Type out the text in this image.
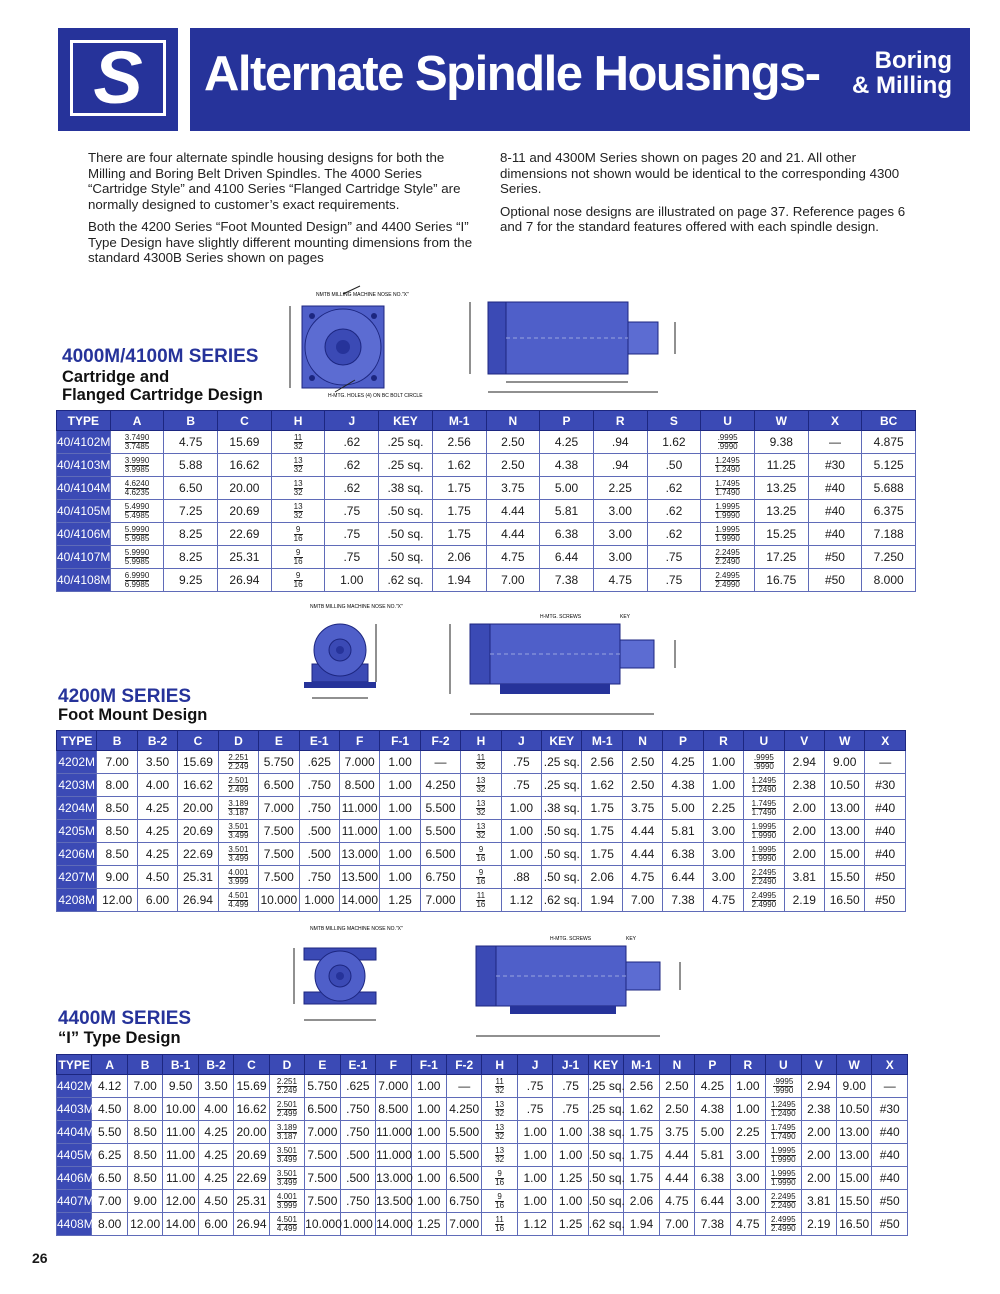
S	Alternate Spindle Housings-	Boring
& Milling

There are four alternate spindle housing designs for both the Milling and Boring Belt Driven Spindles. The 4000 Series “Cartridge Style” and 4100 Series “Flanged Cartridge Style” are normally designed to customer’s exact requirements.

Both the 4200 Series “Foot Mounted Design” and 4400 Series “I” Type Design have slightly different mounting dimensions from the standard 4300B Series shown on pages

8-11 and 4300M Series shown on pages 20 and 21. All other dimensions not shown would be identical to the corresponding 4300 Series.

Optional nose designs are illustrated on page 37. Reference pages 6 and 7 for the standard features offered with each spindle design.

4000M/4100M SERIES
Cartridge and
Flanged Cartridge Design
NMTB MILLING MACHINE NOSE NO."X"
H-MTG. HOLES (4) ON BC BOLT CIRCLE
TYPE	A	B	C	H	J	KEY	M-1	N	P	R	S	U	W	X	BC
40/4102M	$\frac{3.7490}{3.7485}$	4.75	15.69	$\frac{11}{32}$	.62	.25 sq.	2.56	2.50	4.25	.94	1.62	$\frac{.9995}{.9990}$	9.38	—	4.875
40/4103M	$\frac{3.9990}{3.9985}$	5.88	16.62	$\frac{13}{32}$	.62	.25 sq.	1.62	2.50	4.38	.94	.50	$\frac{1.2495}{1.2490}$	11.25	#30	5.125
40/4104M	$\frac{4.6240}{4.6235}$	6.50	20.00	$\frac{13}{32}$	.62	.38 sq.	1.75	3.75	5.00	2.25	.62	$\frac{1.7495}{1.7490}$	13.25	#40	5.688
40/4105M	$\frac{5.4990}{5.4985}$	7.25	20.69	$\frac{13}{32}$	.75	.50 sq.	1.75	4.44	5.81	3.00	.62	$\frac{1.9995}{1.9990}$	13.25	#40	6.375
40/4106M	$\frac{5.9990}{5.9985}$	8.25	22.69	$\frac{9}{16}$	.75	.50 sq.	1.75	4.44	6.38	3.00	.62	$\frac{1.9995}{1.9990}$	15.25	#40	7.188
40/4107M	$\frac{5.9990}{5.9985}$	8.25	25.31	$\frac{9}{16}$	.75	.50 sq.	2.06	4.75	6.44	3.00	.75	$\frac{2.2495}{2.2490}$	17.25	#50	7.250
40/4108M	$\frac{6.9990}{6.9985}$	9.25	26.94	$\frac{9}{16}$	1.00	.62 sq.	1.94	7.00	7.38	4.75	.75	$\frac{2.4995}{2.4990}$	16.75	#50	8.000
4200M SERIES
Foot Mount Design
NMTB MILLING MACHINE NOSE NO."X"
H-MTG. SCREWS	KEY
TYPE	B	B-2	C	D	E	E-1	F	F-1	F-2	H	J	KEY	M-1	N	P	R	U	V	W	X
4202M	7.00	3.50	15.69	$\frac{2.251}{2.249}$	5.750	.625	7.000	1.00	—	$\frac{11}{32}$	.75	.25 sq.	2.56	2.50	4.25	1.00	$\frac{.9995}{.9990}$	2.94	9.00	—
4203M	8.00	4.00	16.62	$\frac{2.501}{2.499}$	6.500	.750	8.500	1.00	4.250	$\frac{13}{32}$	.75	.25 sq.	1.62	2.50	4.38	1.00	$\frac{1.2495}{1.2490}$	2.38	10.50	#30
4204M	8.50	4.25	20.00	$\frac{3.189}{3.187}$	7.000	.750	11.000	1.00	5.500	$\frac{13}{32}$	1.00	.38 sq.	1.75	3.75	5.00	2.25	$\frac{1.7495}{1.7490}$	2.00	13.00	#40
4205M	8.50	4.25	20.69	$\frac{3.501}{3.499}$	7.500	.500	11.000	1.00	5.500	$\frac{13}{32}$	1.00	.50 sq.	1.75	4.44	5.81	3.00	$\frac{1.9995}{1.9990}$	2.00	13.00	#40
4206M	8.50	4.25	22.69	$\frac{3.501}{3.499}$	7.500	.500	13.000	1.00	6.500	$\frac{9}{16}$	1.00	.50 sq.	1.75	4.44	6.38	3.00	$\frac{1.9995}{1.9990}$	2.00	15.00	#40
4207M	9.00	4.50	25.31	$\frac{4.001}{3.999}$	7.500	.750	13.500	1.00	6.750	$\frac{9}{16}$	.88	.50 sq.	2.06	4.75	6.44	3.00	$\frac{2.2495}{2.2490}$	3.81	15.50	#50
4208M	12.00	6.00	26.94	$\frac{4.501}{4.499}$	10.000	1.000	14.000	1.25	7.000	$\frac{11}{16}$	1.12	.62 sq.	1.94	7.00	7.38	4.75	$\frac{2.4995}{2.4990}$	2.19	16.50	#50
4400M SERIES
“I” Type Design
NMTB MILLING MACHINE NOSE NO."X"
H-MTG. SCREWS	KEY
TYPE	A	B	B-1	B-2	C	D	E	E-1	F	F-1	F-2	H	J	J-1	KEY	M-1	N	P	R	U	V	W	X
4402M	4.12	7.00	9.50	3.50	15.69	$\frac{2.251}{2.249}$	5.750	.625	7.000	1.00	—	$\frac{11}{32}$	.75	.75	.25 sq.	2.56	2.50	4.25	1.00	$\frac{.9995}{.9990}$	2.94	9.00	—
4403M	4.50	8.00	10.00	4.00	16.62	$\frac{2.501}{2.499}$	6.500	.750	8.500	1.00	4.250	$\frac{13}{32}$	.75	.75	.25 sq.	1.62	2.50	4.38	1.00	$\frac{1.2495}{1.2490}$	2.38	10.50	#30
4404M	5.50	8.50	11.00	4.25	20.00	$\frac{3.189}{3.187}$	7.000	.750	11.000	1.00	5.500	$\frac{13}{32}$	1.00	1.00	.38 sq.	1.75	3.75	5.00	2.25	$\frac{1.7495}{1.7490}$	2.00	13.00	#40
4405M	6.25	8.50	11.00	4.25	20.69	$\frac{3.501}{3.499}$	7.500	.500	11.000	1.00	5.500	$\frac{13}{32}$	1.00	1.00	.50 sq.	1.75	4.44	5.81	3.00	$\frac{1.9995}{1.9990}$	2.00	13.00	#40
4406M	6.50	8.50	11.00	4.25	22.69	$\frac{3.501}{3.499}$	7.500	.500	13.000	1.00	6.500	$\frac{9}{16}$	1.00	1.25	.50 sq.	1.75	4.44	6.38	3.00	$\frac{1.9995}{1.9990}$	2.00	15.00	#40
4407M	7.00	9.00	12.00	4.50	25.31	$\frac{4.001}{3.999}$	7.500	.750	13.500	1.00	6.750	$\frac{9}{16}$	1.00	1.00	.50 sq.	2.06	4.75	6.44	3.00	$\frac{2.2495}{2.2490}$	3.81	15.50	#50
4408M	8.00	12.00	14.00	6.00	26.94	$\frac{4.501}{4.499}$	10.000	1.000	14.000	1.25	7.000	$\frac{11}{16}$	1.12	1.25	.62 sq.	1.94	7.00	7.38	4.75	$\frac{2.4995}{2.4990}$	2.19	16.50	#50
26
